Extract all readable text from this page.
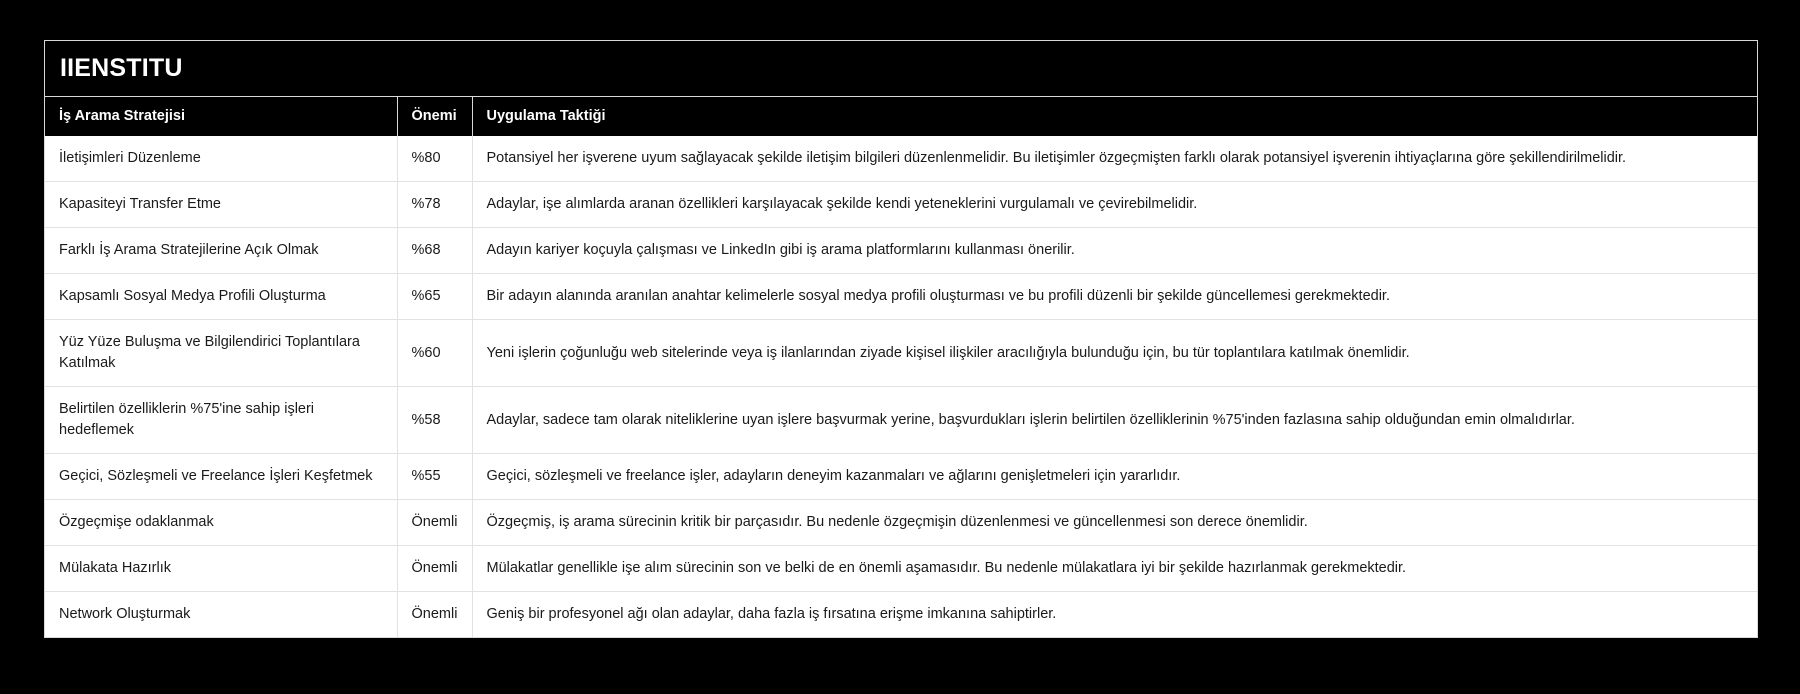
IIENSTITU
İş Arama Stratejisi	Önemi	Uygulama Taktiği
İletişimleri Düzenleme	%80	Potansiyel her işverene uyum sağlayacak şekilde iletişim bilgileri düzenlenmelidir. Bu iletişimler özgeçmişten farklı olarak potansiyel işverenin ihtiyaçlarına göre şekillendirilmelidir.
Kapasiteyi Transfer Etme	%78	Adaylar, işe alımlarda aranan özellikleri karşılayacak şekilde kendi yeteneklerini vurgulamalı ve çevirebilmelidir.
Farklı İş Arama Stratejilerine Açık Olmak	%68	Adayın kariyer koçuyla çalışması ve LinkedIn gibi iş arama platformlarını kullanması önerilir.
Kapsamlı Sosyal Medya Profili Oluşturma	%65	Bir adayın alanında aranılan anahtar kelimelerle sosyal medya profili oluşturması ve bu profili düzenli bir şekilde güncellemesi gerekmektedir.
Yüz Yüze Buluşma ve Bilgilendirici Toplantılara Katılmak	%60	Yeni işlerin çoğunluğu web sitelerinde veya iş ilanlarından ziyade kişisel ilişkiler aracılığıyla bulunduğu için, bu tür toplantılara katılmak önemlidir.
Belirtilen özelliklerin %75'ine sahip işleri hedeflemek	%58	Adaylar, sadece tam olarak niteliklerine uyan işlere başvurmak yerine, başvurdukları işlerin belirtilen özelliklerinin %75'inden fazlasına sahip olduğundan emin olmalıdırlar.
Geçici, Sözleşmeli ve Freelance İşleri Keşfetmek	%55	Geçici, sözleşmeli ve freelance işler, adayların deneyim kazanmaları ve ağlarını genişletmeleri için yararlıdır.
Özgeçmişe odaklanmak	Önemli	Özgeçmiş, iş arama sürecinin kritik bir parçasıdır. Bu nedenle özgeçmişin düzenlenmesi ve güncellenmesi son derece önemlidir.
Mülakata Hazırlık	Önemli	Mülakatlar genellikle işe alım sürecinin son ve belki de en önemli aşamasıdır. Bu nedenle mülakatlara iyi bir şekilde hazırlanmak gerekmektedir.
Network Oluşturmak	Önemli	Geniş bir profesyonel ağı olan adaylar, daha fazla iş fırsatına erişme imkanına sahiptirler.
